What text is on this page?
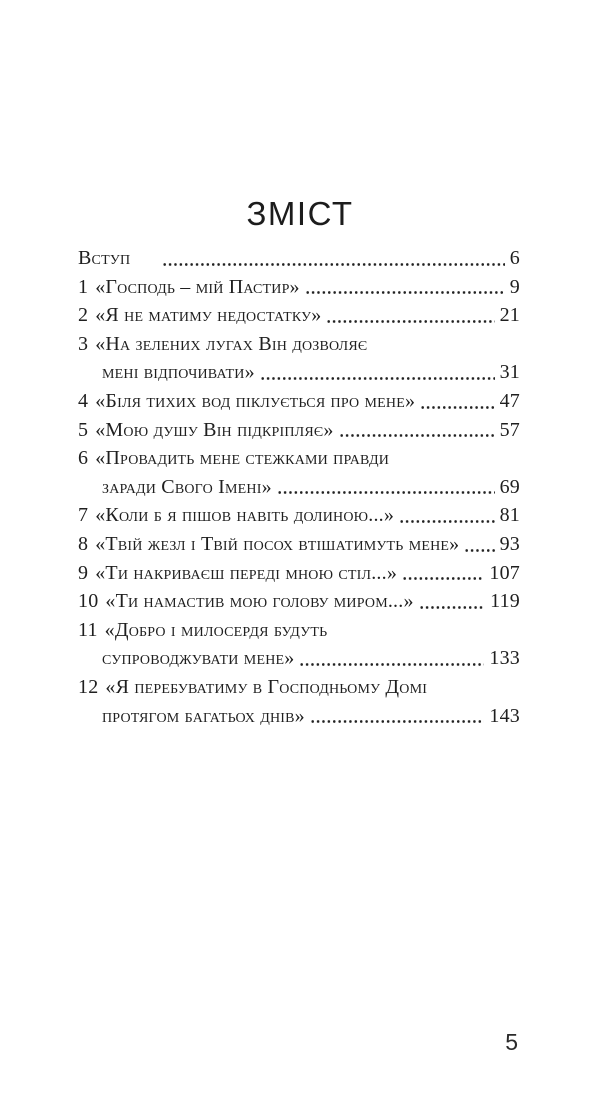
ЗМІСТ
Вступ	6
1 «Господь – мій Пастир»	9
2 «Я не матиму недостатку»	21
3 «На зелених лугах Він дозволяє
мені відпочивати»	31
4 «Біля тихих вод піклується про мене»	47
5 «Мою душу Він підкріпляє»	57
6 «Провадить мене стежками правди
заради Свого Імені»	69
7 «Коли б я пішов навіть долиною...»	81
8 «Твій жезл і Твій посох втішатимуть мене» 93
9 «Ти накриваєш переді мною стіл...»	107
10 «Ти намастив мою голову миром...»	119
11 «Добро і милосердя будуть
супроводжувати мене»	133
12 «Я перебуватиму в Господньому Домі
протягом багатьох днів»	143
5
